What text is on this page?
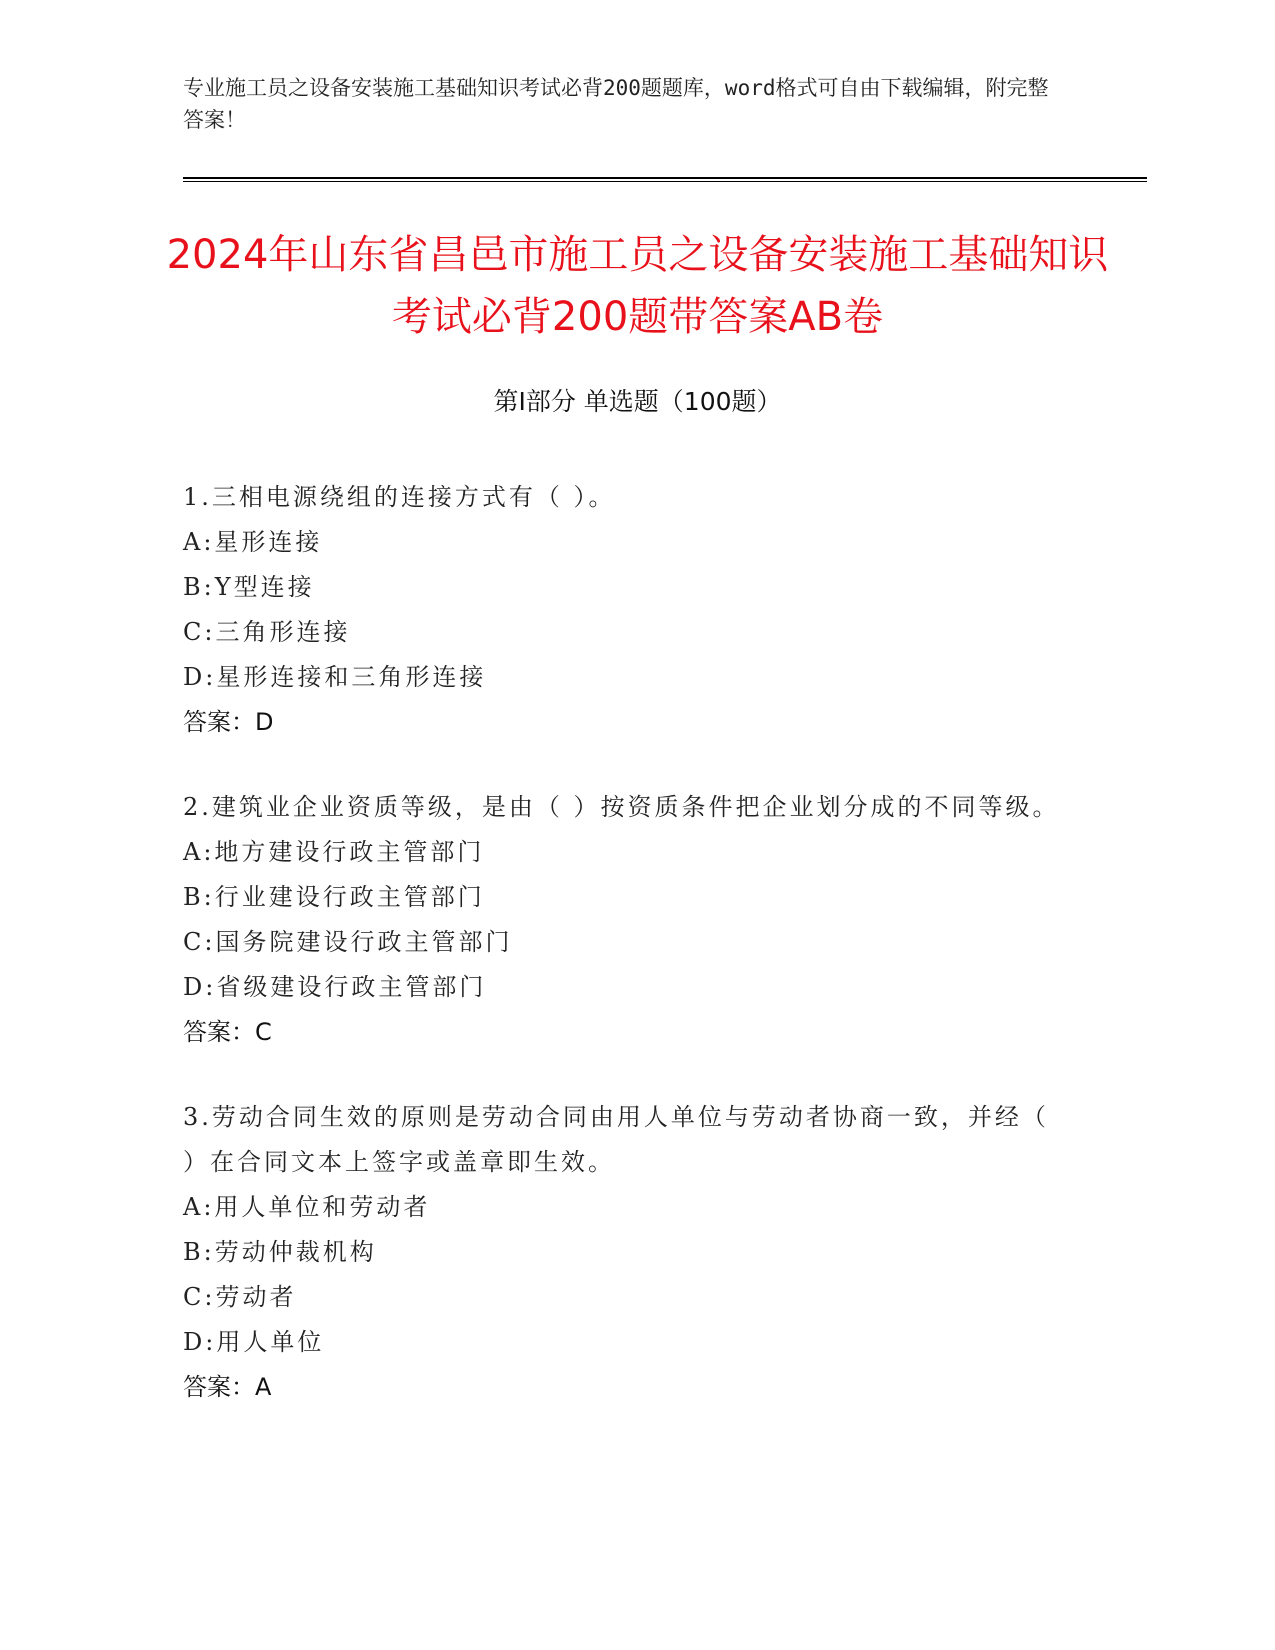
专业施工员之设备安装施工基础知识考试必背200题题库，word格式可自由下载编辑，附完整答案！
2024年山东省昌邑市施工员之设备安装施工基础知识考试必背200题带答案AB卷
第Ⅰ部分 单选题（100题）
1.三相电源绕组的连接方式有（ ）。
A:星形连接
B:Y型连接
C:三角形连接
D:星形连接和三角形连接
答案：D
2.建筑业企业资质等级，是由（ ）按资质条件把企业划分成的不同等级。
A:地方建设行政主管部门
B:行业建设行政主管部门
C:国务院建设行政主管部门
D:省级建设行政主管部门
答案：C
3.劳动合同生效的原则是劳动合同由用人单位与劳动者协商一致，并经（ ）在合同文本上签字或盖章即生效。
A:用人单位和劳动者
B:劳动仲裁机构
C:劳动者
D:用人单位
答案：A
